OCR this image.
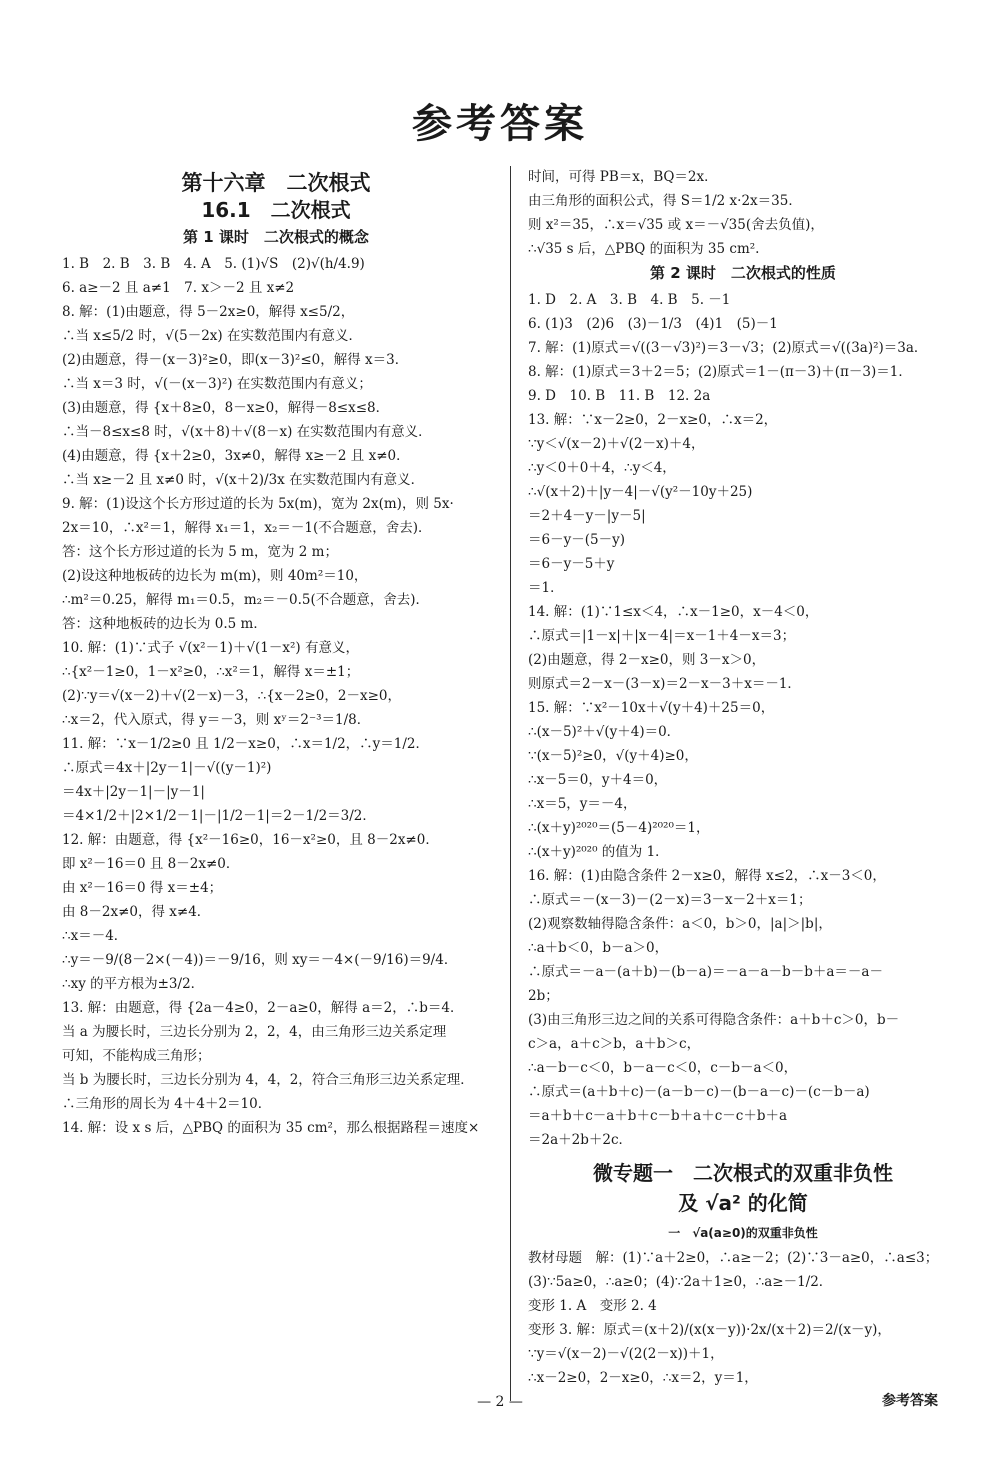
参考答案
第十六章　二次根式
16.1　二次根式
第 1 课时　二次根式的概念
1. B　2. B　3. B　4. A　5. (1)√S　(2)√(h/4.9)
6. a≥－2 且 a≠1　7. x＞－2 且 x≠2
8. 解：(1)由题意，得 5－2x≥0，解得 x≤5/2，
∴当 x≤5/2 时，√(5－2x) 在实数范围内有意义．
(2)由题意，得－(x－3)²≥0，即(x－3)²≤0，解得 x＝3．
∴当 x＝3 时，√(－(x－3)²) 在实数范围内有意义；
(3)由题意，得 {x＋8≥0，8－x≥0，解得－8≤x≤8．
∴当－8≤x≤8 时，√(x＋8)＋√(8－x) 在实数范围内有意义．
(4)由题意，得 {x＋2≥0，3x≠0，解得 x≥－2 且 x≠0．
∴当 x≥－2 且 x≠0 时，√(x＋2)/3x 在实数范围内有意义．
9. 解：(1)设这个长方形过道的长为 5x(m)，宽为 2x(m)，则 5x·
2x＝10，∴x²＝1，解得 x₁＝1，x₂＝－1(不合题意，舍去)．
答：这个长方形过道的长为 5 m，宽为 2 m；
(2)设这种地板砖的边长为 m(m)，则 40m²＝10，
∴m²＝0.25，解得 m₁＝0.5，m₂＝－0.5(不合题意，舍去)．
答：这种地板砖的边长为 0.5 m．
10. 解：(1)∵式子 √(x²－1)＋√(1－x²) 有意义，
∴{x²－1≥0，1－x²≥0，∴x²＝1，解得 x＝±1；
(2)∵y＝√(x－2)＋√(2－x)－3，∴{x－2≥0，2－x≥0，
∴x＝2，代入原式，得 y＝－3，则 xʸ＝2⁻³＝1/8．
11. 解：∵x－1/2≥0 且 1/2－x≥0，∴x＝1/2，∴y＝1/2．
∴原式＝4x＋|2y－1|－√((y－1)²)
＝4x＋|2y－1|－|y－1|
＝4×1/2＋|2×1/2－1|－|1/2－1|＝2－1/2＝3/2．
12. 解：由题意，得 {x²－16≥0，16－x²≥0，且 8－2x≠0．
即 x²－16＝0 且 8－2x≠0．
由 x²－16＝0 得 x＝±4；
由 8－2x≠0，得 x≠4．
∴x＝－4．
∴y＝－9/(8－2×(－4))＝－9/16，则 xy＝－4×(－9/16)＝9/4．
∴xy 的平方根为±3/2．
13. 解：由题意，得 {2a－4≥0，2－a≥0，解得 a＝2，∴b＝4．
当 a 为腰长时，三边长分别为 2，2，4，由三角形三边关系定理
可知，不能构成三角形；
当 b 为腰长时，三边长分别为 4，4，2，符合三角形三边关系定理．
∴三角形的周长为 4＋4＋2＝10．
14. 解：设 x s 后，△PBQ 的面积为 35 cm²，那么根据路程＝速度×
时间，可得 PB＝x，BQ＝2x．
由三角形的面积公式，得 S＝1/2 x·2x＝35．
则 x²＝35，∴x＝√35 或 x＝－√35(舍去负值)，
∴√35 s 后，△PBQ 的面积为 35 cm².
第 2 课时　二次根式的性质
1. D　2. A　3. B　4. B　5. －1
6. (1)3　(2)6　(3)－1/3　(4)1　(5)－1
7. 解：(1)原式＝√((3－√3)²)＝3－√3；(2)原式＝√((3a)²)＝3a．
8. 解：(1)原式＝3＋2＝5；(2)原式＝1－(π－3)＋(π－3)＝1．
9. D　10. B　11. B　12. 2a
13. 解：∵x－2≥0，2－x≥0，∴x＝2，
∵y＜√(x－2)＋√(2－x)＋4，
∴y＜0＋0＋4，∴y＜4，
∴√(x＋2)＋|y－4|－√(y²－10y＋25)
＝2＋4－y－|y－5|
＝6－y－(5－y)
＝6－y－5＋y
＝1．
14. 解：(1)∵1≤x＜4，∴x－1≥0，x－4＜0，
∴原式＝|1－x|＋|x－4|＝x－1＋4－x＝3；
(2)由题意，得 2－x≥0，则 3－x＞0，
则原式＝2－x－(3－x)＝2－x－3＋x＝－1．
15. 解：∵x²－10x＋√(y＋4)＋25＝0，
∴(x－5)²＋√(y＋4)＝0．
∵(x－5)²≥0，√(y＋4)≥0，
∴x－5＝0，y＋4＝0，
∴x＝5，y＝－4，
∴(x＋y)²⁰²⁰＝(5－4)²⁰²⁰＝1，
∴(x＋y)²⁰²⁰ 的值为 1．
16. 解：(1)由隐含条件 2－x≥0，解得 x≤2，∴x－3＜0，
∴原式＝－(x－3)－(2－x)＝3－x－2＋x＝1；
(2)观察数轴得隐含条件：a＜0，b＞0，|a|＞|b|，
∴a＋b＜0，b－a＞0，
∴原式＝－a－(a＋b)－(b－a)＝－a－a－b－b＋a＝－a－
2b；
(3)由三角形三边之间的关系可得隐含条件：a＋b＋c＞0，b－
c＞a，a＋c＞b，a＋b＞c，
∴a－b－c＜0，b－a－c＜0，c－b－a＜0，
∴原式＝(a＋b＋c)－(a－b－c)－(b－a－c)－(c－b－a)
＝a＋b＋c－a＋b＋c－b＋a＋c－c＋b＋a
＝2a＋2b＋2c．
微专题一　二次根式的双重非负性
及 √a² 的化简
一　√a(a≥0)的双重非负性
教材母题　解：(1)∵a＋2≥0，∴a≥－2；(2)∵3－a≥0，∴a≤3；
(3)∵5a≥0，∴a≥0；(4)∵2a＋1≥0，∴a≥－1/2．
变形 1. A　变形 2. 4
变形 3. 解：原式＝(x＋2)/(x(x－y))·2x/(x＋2)＝2/(x－y)，
∵y＝√(x－2)－√(2(2－x))＋1，
∴x－2≥0，2－x≥0，∴x＝2，y＝1，
— 2 —	参考答案
